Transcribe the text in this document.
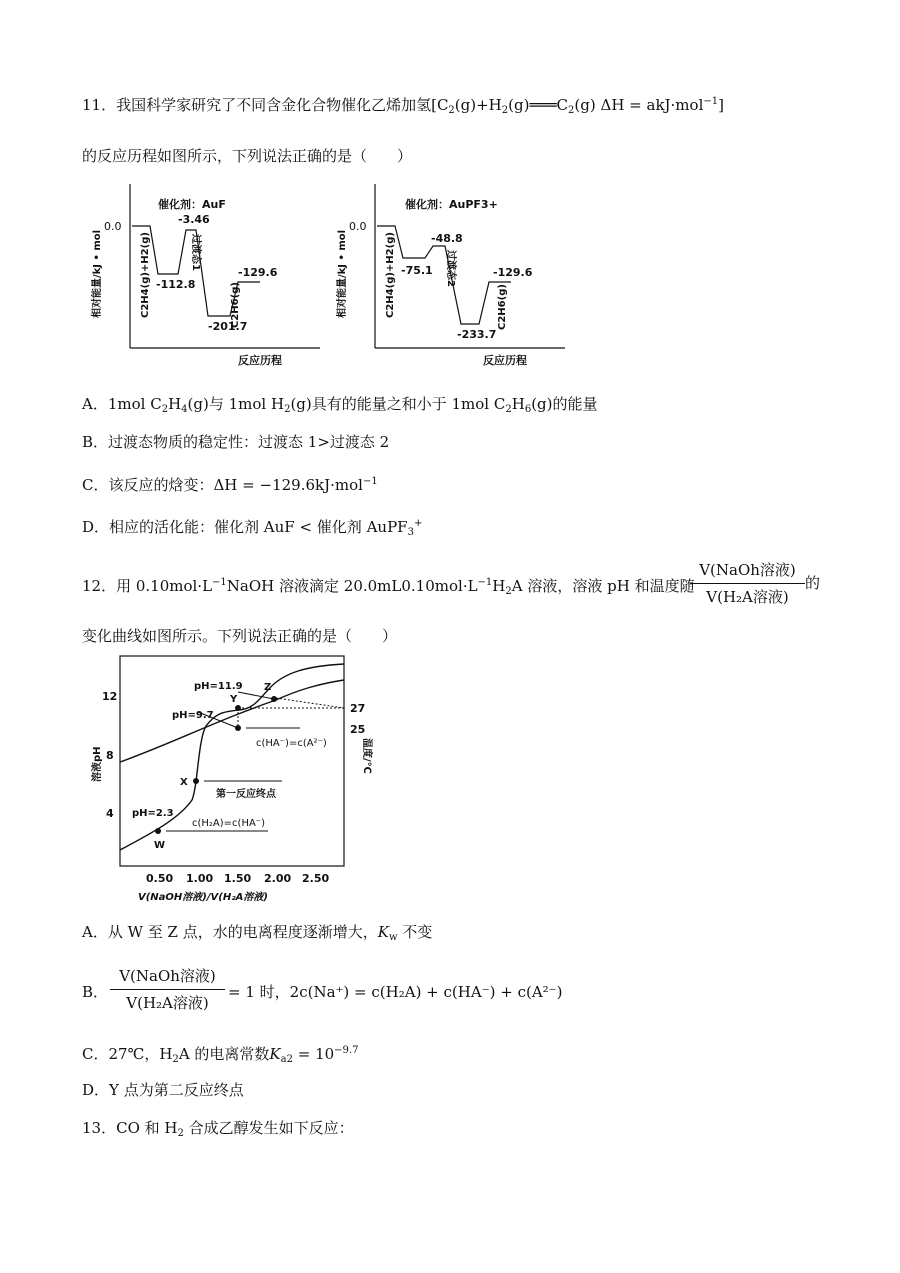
11．我国科学家研究了不同含金化合物催化乙烯加氢$[C_2(g)+H_2(g)═══C_2(g) \Delta H = akJ\cdot mol^{-1}]$
的反应历程如图所示，下列说法正确的是（　　）
0.0
催化剂：AuF
相对能量/kJ • mol
反应历程
-112.8
-3.46
-201.7
-129.6
过渡态1
C2H4(g)+H2(g)	C2H6(g)
0.0
催化剂：AuPF3+
相对能量/kJ • mol
反应历程
-75.1
-48.8
-233.7
-129.6
过渡态2
C2H4(g)+H2(g)	C2H6(g)
A．1mol $C_2H_4(g)$与 1mol $H_2(g)$具有的能量之和小于 1mol $C_2H_6(g)$的能量
B．过渡态物质的稳定性：过渡态 1>过渡态 2
C．该反应的焓变：ΔH = −129.6kJ·mol$^{-1}$
D．相应的活化能：催化剂 AuF < 催化剂 AuPF$_3$+
12．用 $0.10mol\cdot L^{-1}NaOH$ 溶液滴定 $20.0mL0.10mol\cdot L^{-1}H_2A$ 溶液，溶液 pH 和温度随
V(NaOh溶液)
V(H₂A溶液)
的
变化曲线如图所示。下列说法正确的是（　　）
溶液pH	温度/℃
V(NaOH溶液)/V(H₂A溶液)
4
8
12
0.50 1.00 1.50 2.00 2.50
27
25
pH=11.9
Y
Z
pH=9.7
c(HA⁻)=c(A²⁻)
X
第一反应终点
pH=2.3
c(H₂A)=c(HA⁻)
W
A．从 W 至 Z 点，水的电离程度逐渐增大，$K_w$ 不变
B．
V(NaOh溶液)
V(H₂A溶液)
= 1 时，2c(Na⁺) = c(H₂A) + c(HA⁻) + c(A²⁻)
C．27℃，$H_2A$ 的电离常数$K_{a2} = 10^{-9.7}$
D．Y 点为第二反应终点
13．CO 和 $H_2$ 合成乙醇发生如下反应：
